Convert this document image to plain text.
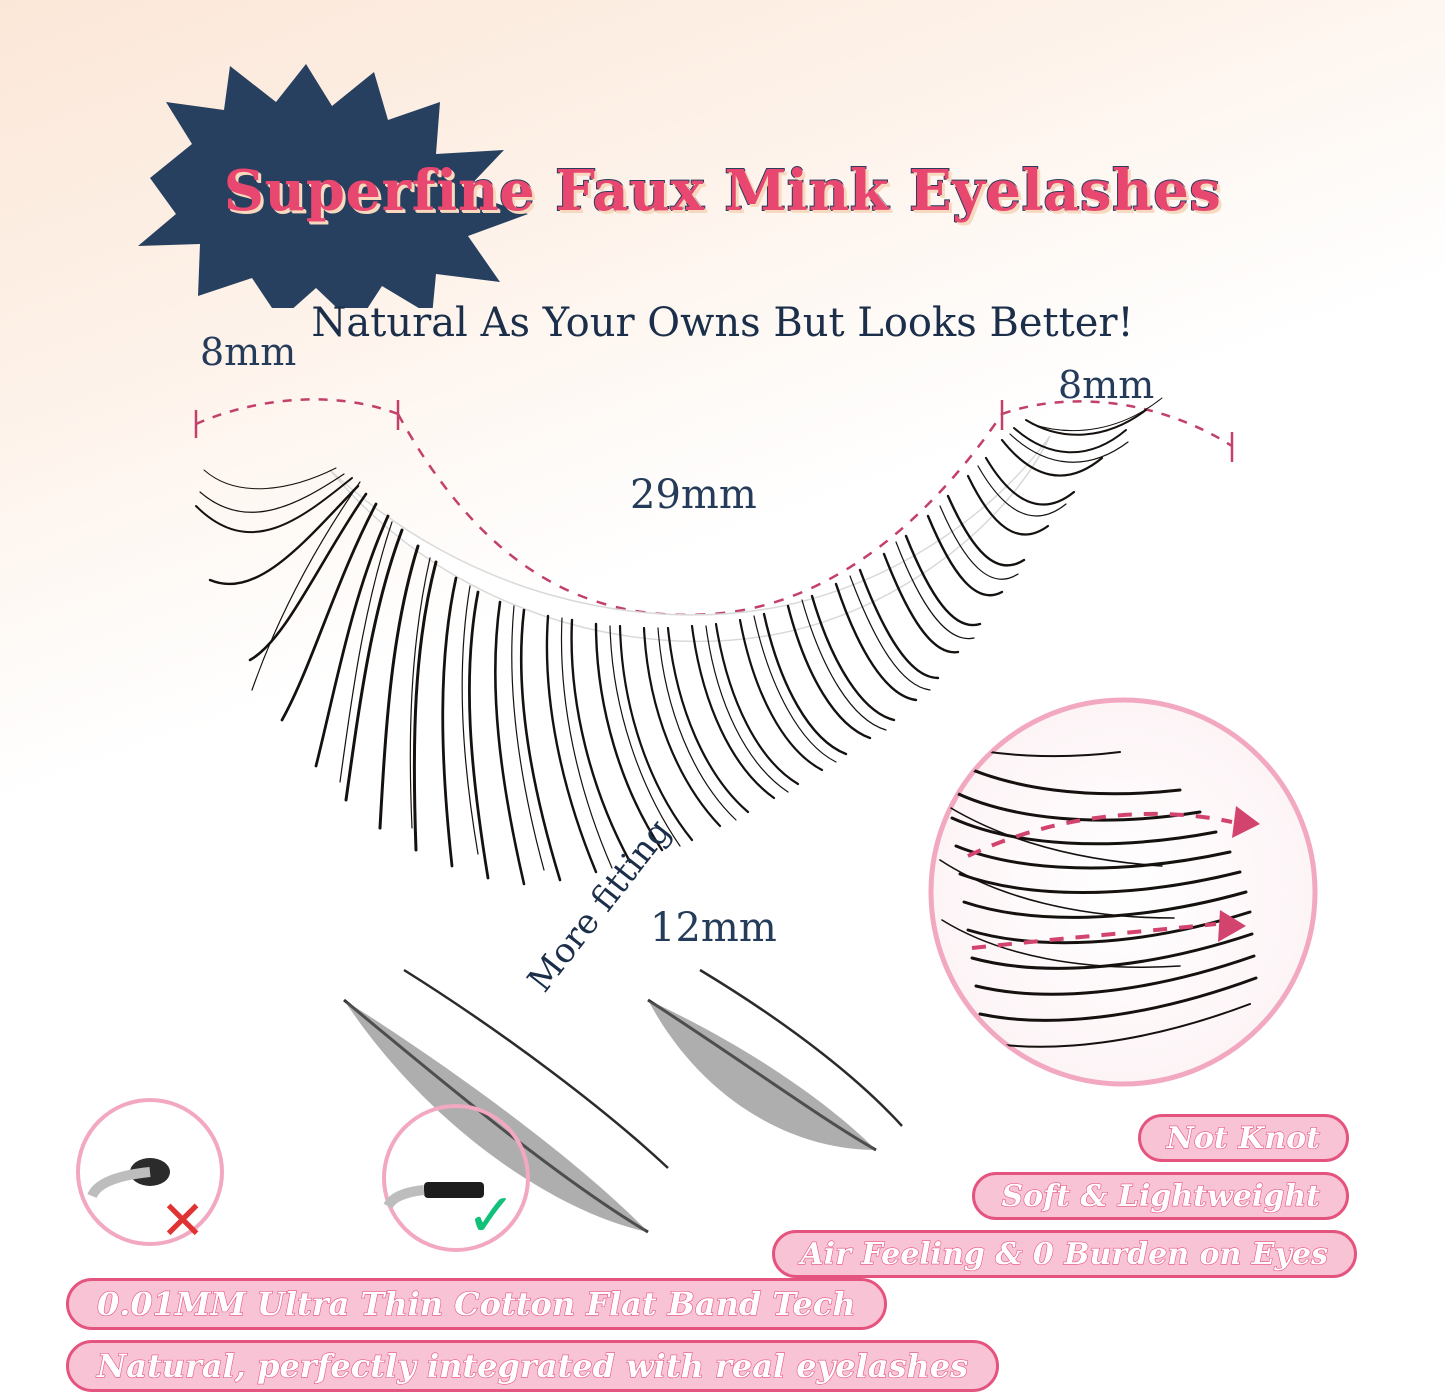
Superfine Faux Mink Eyelashes
Natural As Your Owns But Looks Better!
8mm
8mm
29mm
12mm
More fitting
✕	✓
Not Knot
Soft & Lightweight
Air Feeling & 0 Burden on Eyes
0.01MM Ultra Thin Cotton Flat Band Tech
Natural, perfectly integrated with real eyelashes
